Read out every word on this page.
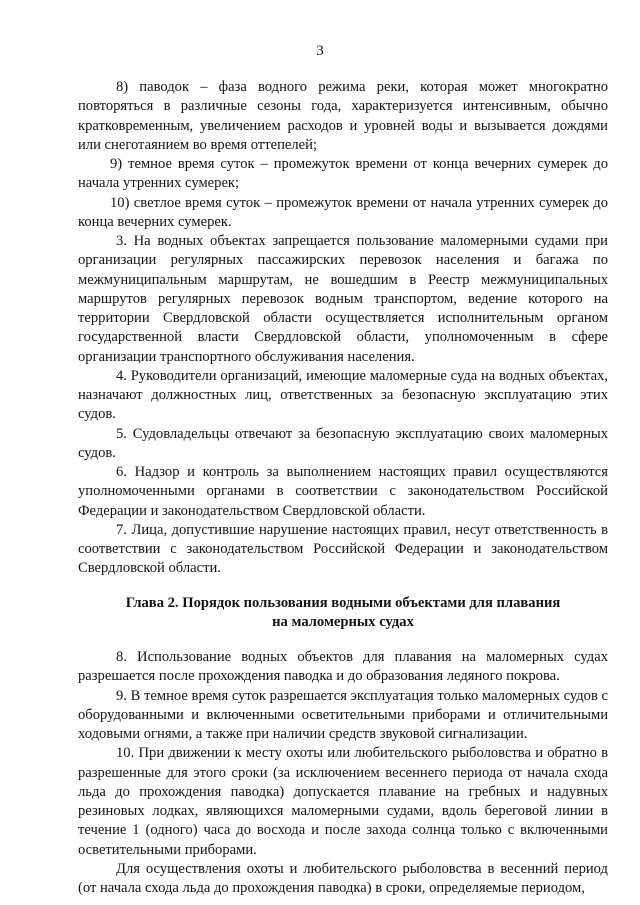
3

8) паводок – фаза водного режима реки, которая может многократно повторяться в различные сезоны года, характеризуется интенсивным, обычно кратковременным, увеличением расходов и уровней воды и вызывается дождями или снеготаянием во время оттепелей;

9) темное время суток – промежуток времени от конца вечерних сумерек до начала утренних сумерек;

10) светлое время суток – промежуток времени от начала утренних сумерек до конца вечерних сумерек.

3. На водных объектах запрещается пользование маломерными судами при организации регулярных пассажирских перевозок населения и багажа по межмуниципальным маршрутам, не вошедшим в Реестр межмуниципальных маршрутов регулярных перевозок водным транспортом, ведение которого на территории Свердловской области осуществляется исполнительным органом государственной власти Свердловской области, уполномоченным в сфере организации транспортного обслуживания населения.

4. Руководители организаций, имеющие маломерные суда на водных объектах, назначают должностных лиц, ответственных за безопасную эксплуатацию этих судов.

5. Судовладельцы отвечают за безопасную эксплуатацию своих маломерных судов.

6. Надзор и контроль за выполнением настоящих правил осуществляются уполномоченными органами в соответствии с законодательством Российской Федерации и законодательством Свердловской области.

7. Лица, допустившие нарушение настоящих правил, несут ответственность в соответствии с законодательством Российской Федерации и законодательством Свердловской области.

Глава 2. Порядок пользования водными объектами для плавания
на маломерных судах

8. Использование водных объектов для плавания на маломерных судах разрешается после прохождения паводка и до образования ледяного покрова.

9. В темное время суток разрешается эксплуатация только маломерных судов с оборудованными и включенными осветительными приборами и отличительными ходовыми огнями, а также при наличии средств звуковой сигнализации.

10. При движении к месту охоты или любительского рыболовства и обратно в разрешенные для этого сроки (за исключением весеннего периода от начала схода льда до прохождения паводка) допускается плавание на гребных и надувных резиновых лодках, являющихся маломерными судами, вдоль береговой линии в течение 1 (одного) часа до восхода и после захода солнца только с включенными осветительными приборами.

Для осуществления охоты и любительского рыболовства в весенний период (от начала схода льда до прохождения паводка) в сроки, определяемые периодом,
